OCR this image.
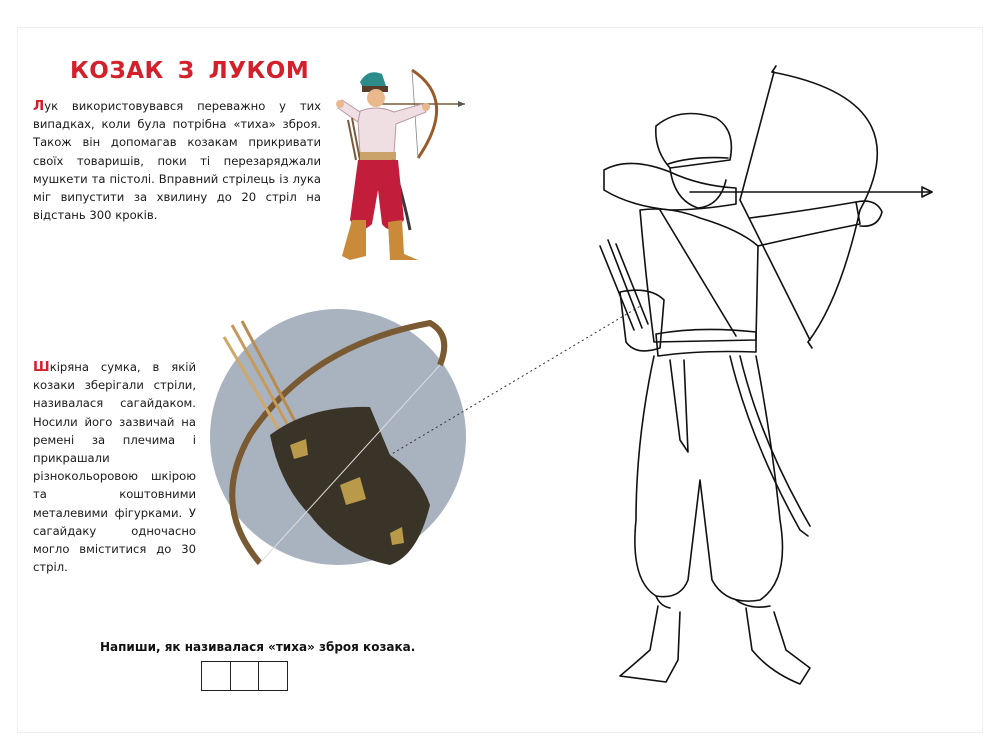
КОЗАК З ЛУКОМ
Лук використовувався переважно у тих випадках, коли була потрібна «тиха» зброя. Також він допомагав козакам прикривати своїх товаришів, поки ті перезаряджали мушкети та пістолі. Вправний стрілець із лука міг випустити за хвилину до 20 стріл на відстань 300 кроків.
Шкіряна сумка, в якій козаки зберігали стріли, називалася сагайдаком. Носили його зазвичай на ремені за плечима і прикрашали різнокольоровою шкірою та коштовними металевими фігурками. У сагайдаку одночасно могло вміститися до 30 стріл.
Напиши, як називалася «тиха» зброя козака.
